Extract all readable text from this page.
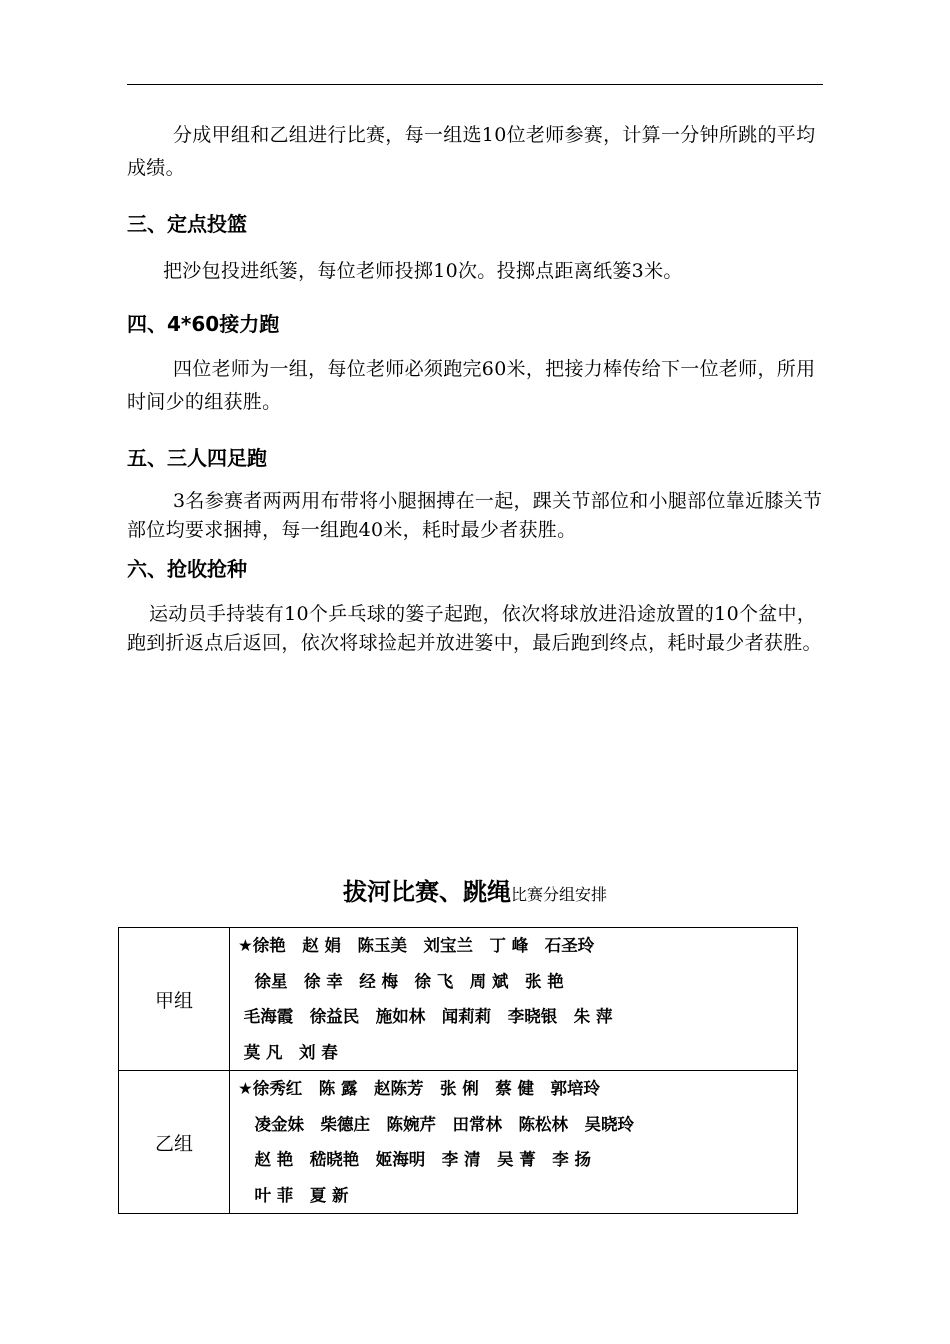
分成甲组和乙组进行比赛，每一组选10位老师参赛，计算一分钟所跳的平均成绩。
三、定点投篮
把沙包投进纸篓，每位老师投掷10次。投掷点距离纸篓3米。
四、4*60接力跑
四位老师为一组，每位老师必须跑完60米，把接力棒传给下一位老师，所用时间少的组获胜。
五、三人四足跑
3名参赛者两两用布带将小腿捆搏在一起，踝关节部位和小腿部位靠近膝关节部位均要求捆搏，每一组跑40米，耗时最少者获胜。
六、抢收抢种
运动员手持装有10个乒乓球的篓子起跑，依次将球放进沿途放置的10个盆中，跑到折返点后返回，依次将球捡起并放进篓中，最后跑到终点，耗时最少者获胜。
拔河比赛、跳绳比赛分组安排
甲组	★徐艳　赵 娟　陈玉美　刘宝兰　丁 峰　石圣玲
　徐星　徐 幸　经 梅　徐 飞　周 斌　张 艳
毛海霞　徐益民　施如林　闻莉莉　李晓银　朱 萍
莫 凡　刘 春

乙组	★徐秀红　陈 露　赵陈芳　张 俐　蔡 健　郭培玲
　凌金妹　柴德庄　陈婉芹　田常林　陈松林　吴晓玲
　赵 艳　嵇晓艳　姬海明　李 清　吴 菁　李 扬
　叶 菲　夏 新
